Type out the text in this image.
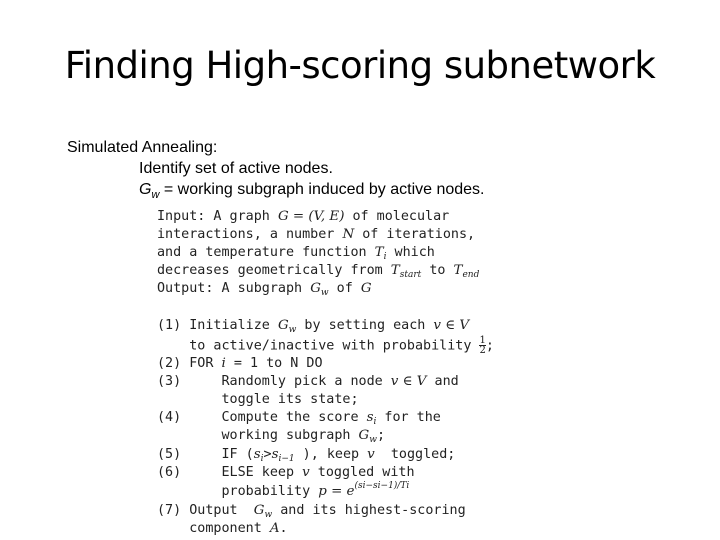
Finding High-scoring subnetwork
Simulated Annealing:
Identify set of active nodes.
$G_w$ = working subgraph induced by active nodes.
Input: A graph G = (V, E) of molecular
interactions, a number N of iterations,
and a temperature function $T_i$ which
decreases geometrically from $T_{start}$ to $T_{end}$
Output: A subgraph $G_w$ of G
(1) Initialize $G_w$ by setting each v ∈ V
to active/inactive with probability $\frac{1}{2}$ ;
(2) FOR i = 1 to N DO
(3)     Randomly pick a node v ∈ V and
toggle its state;
(4)     Compute the score $s_i$ for the
working subgraph $G_w$;
(5)     IF ($s_i>s_{i-1}$ ), keep v  toggled;
(6)     ELSE keep v toggled with
probability $p = e^{(si-si-1)/Ti}$
(7) Output  $G_w$ and its highest-scoring
component A.
